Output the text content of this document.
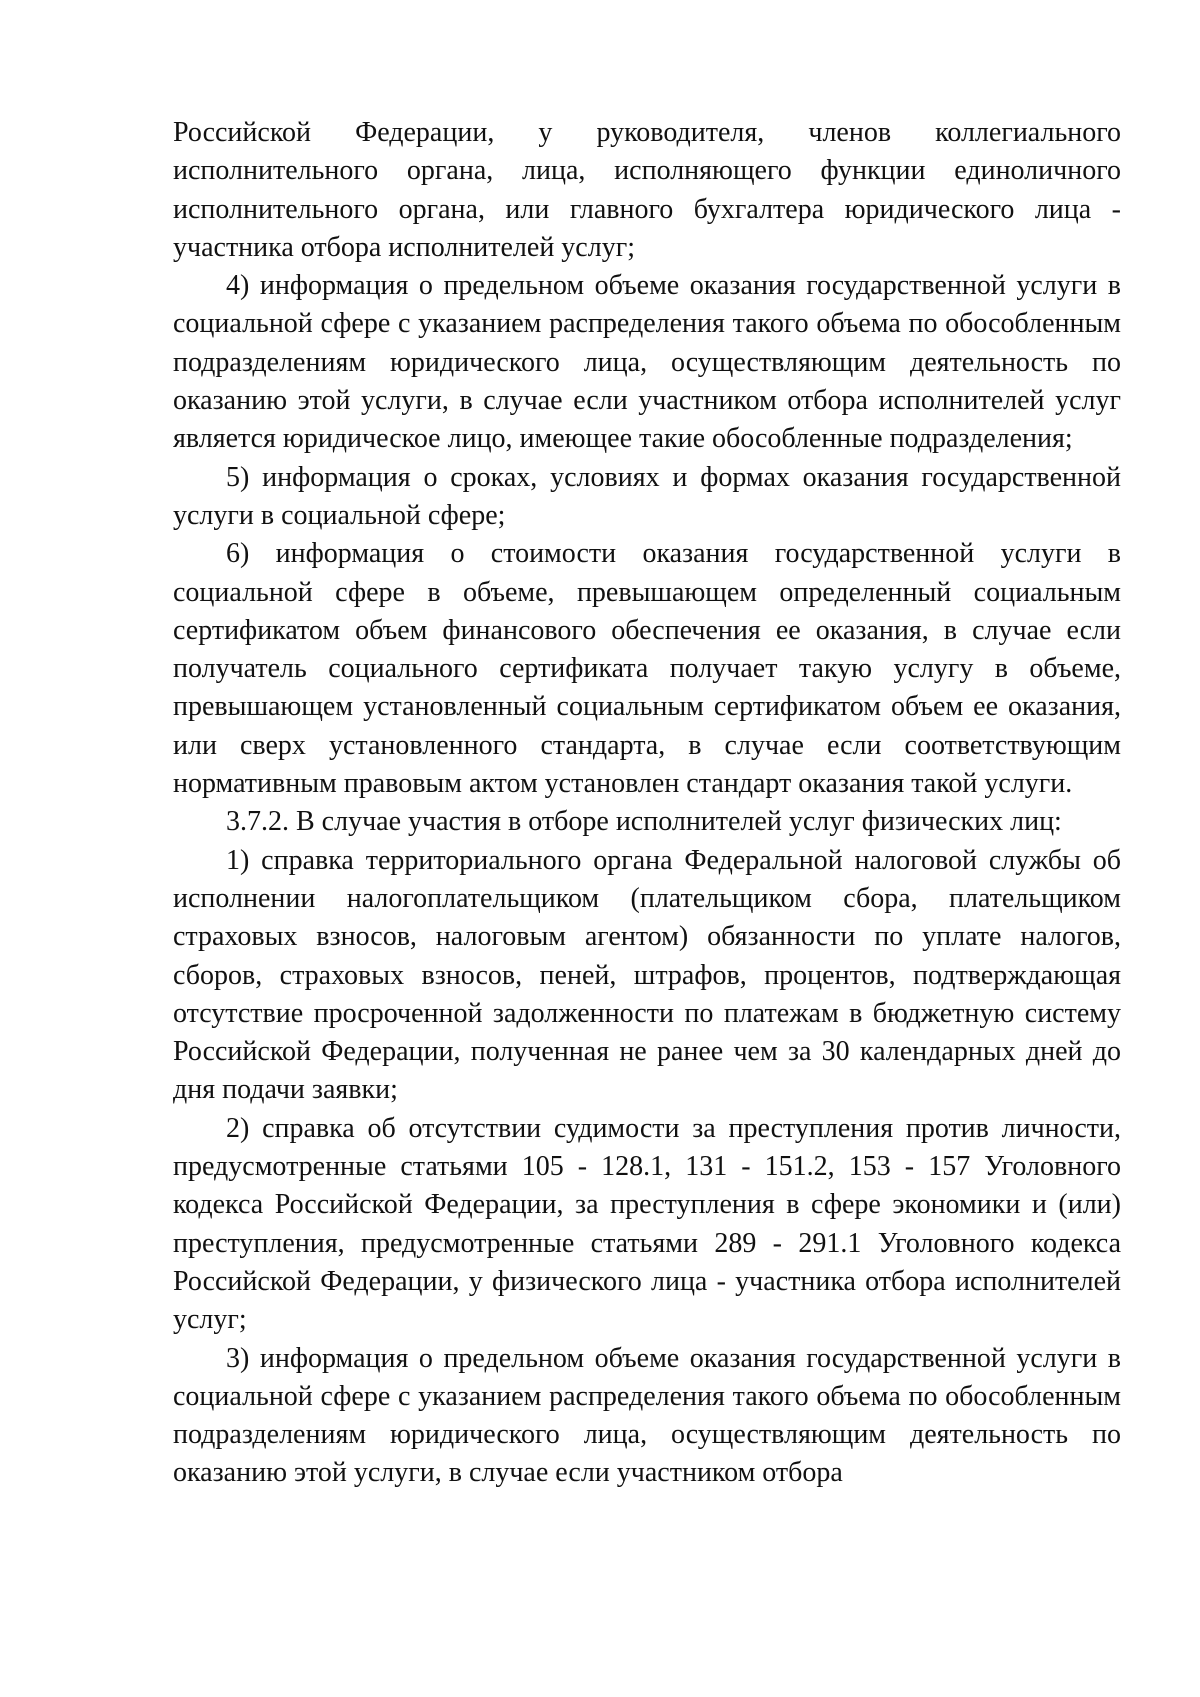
Российской Федерации, у руководителя, членов коллегиального исполнительного органа, лица, исполняющего функции единоличного исполнительного органа, или главного бухгалтера юридического лица - участника отбора исполнителей услуг;

4) информация о предельном объеме оказания государственной услуги в социальной сфере с указанием распределения такого объема по обособленным подразделениям юридического лица, осуществляющим деятельность по оказанию этой услуги, в случае если участником отбора исполнителей услуг является юридическое лицо, имеющее такие обособленные подразделения;

5) информация о сроках, условиях и формах оказания государственной услуги в социальной сфере;

6) информация о стоимости оказания государственной услуги в социальной сфере в объеме, превышающем определенный социальным сертификатом объем финансового обеспечения ее оказания, в случае если получатель социального сертификата получает такую услугу в объеме, превышающем установленный социальным сертификатом объем ее оказания, или сверх установленного стандарта, в случае если соответствующим нормативным правовым актом установлен стандарт оказания такой услуги.

3.7.2. В случае участия в отборе исполнителей услуг физических лиц:

1) справка территориального органа Федеральной налоговой службы об исполнении налогоплательщиком (плательщиком сбора, плательщиком страховых взносов, налоговым агентом) обязанности по уплате налогов, сборов, страховых взносов, пеней, штрафов, процентов, подтверждающая отсутствие просроченной задолженности по платежам в бюджетную систему Российской Федерации, полученная не ранее чем за 30 календарных дней до дня подачи заявки;

2) справка об отсутствии судимости за преступления против личности, предусмотренные статьями 105 - 128.1, 131 - 151.2, 153 - 157 Уголовного кодекса Российской Федерации, за преступления в сфере экономики и (или) преступления, предусмотренные статьями 289 - 291.1 Уголовного кодекса Российской Федерации, у физического лица - участника отбора исполнителей услуг;

3) информация о предельном объеме оказания государственной услуги в социальной сфере с указанием распределения такого объема по обособленным подразделениям юридического лица, осуществляющим деятельность по оказанию этой услуги, в случае если участником отбора
